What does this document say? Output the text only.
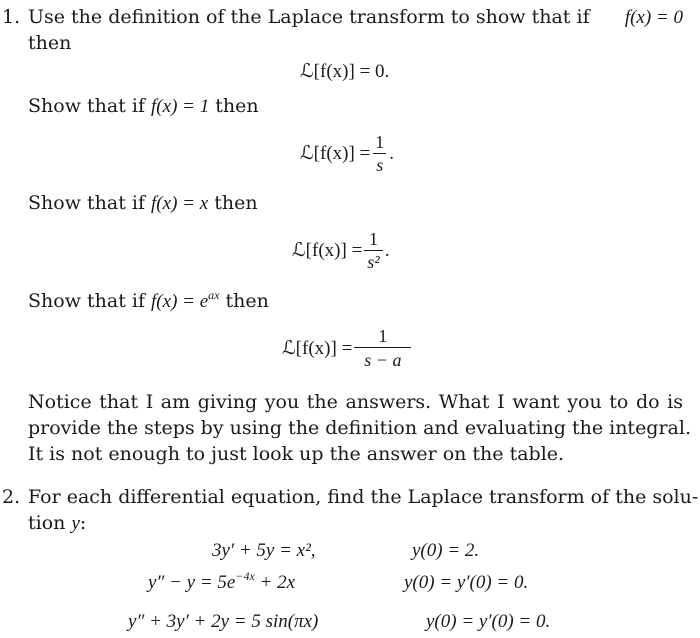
1. Use the definition of the Laplace transform to show that if f(x) = 0
then
ℒ[f(x)] = 0.
Show that if f(x) = 1 then
ℒ[f(x)] = $\frac{1}{s}$ .
Show that if f(x) = x then
ℒ[f(x)] = $\frac{1}{\text{s²}}$ .
Show that if $f(x) = e^{ax}$ then
ℒ[f(x)] = $\frac{1}{s - a}$
Notice that I am giving you the answers. What I want you to do is
provide the steps by using the definition and evaluating the integral.
It is not enough to just look up the answer on the table.
2. For each differential equation, find the Laplace transform of the solu-
tion y:
3y′ + 5y = x²,	y(0) = 2.
$y'' - y = 5e^{-4x} + 2x$	y(0) = y′(0) = 0.
y″ + 3y′ + 2y = 5 sin(πx)	y(0) = y′(0) = 0.
